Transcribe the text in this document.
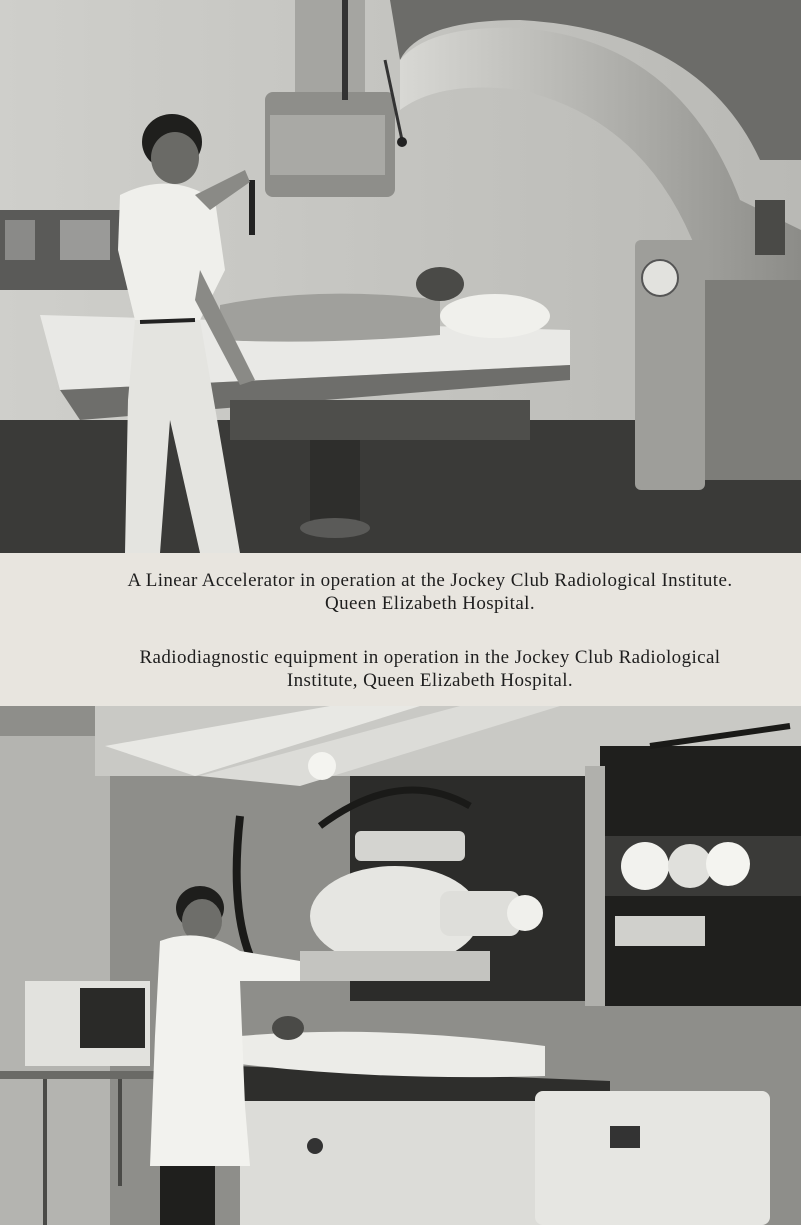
A Linear Accelerator in operation at the Jockey Club Radiological Institute.
Queen Elizabeth Hospital.
Radiodiagnostic equipment in operation in the Jockey Club Radiological
Institute, Queen Elizabeth Hospital.
